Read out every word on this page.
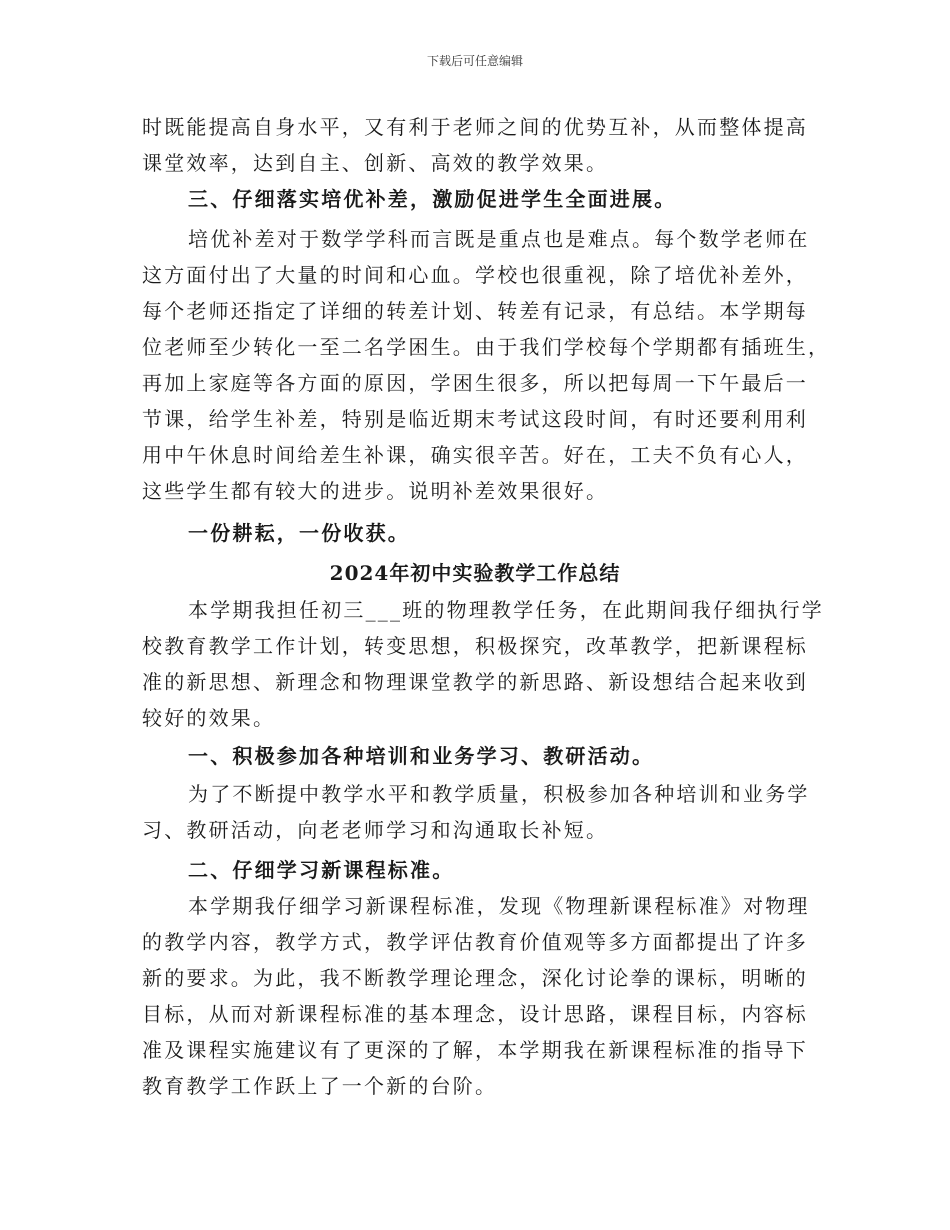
下载后可任意编辑
时既能提高自身水平，又有利于老师之间的优势互补，从而整体提高
课堂效率，达到自主、创新、高效的教学效果。
三、仔细落实培优补差，激励促进学生全面进展。
培优补差对于数学学科而言既是重点也是难点。每个数学老师在
这方面付出了大量的时间和心血。学校也很重视，除了培优补差外，
每个老师还指定了详细的转差计划、转差有记录，有总结。本学期每
位老师至少转化一至二名学困生。由于我们学校每个学期都有插班生，
再加上家庭等各方面的原因，学困生很多，所以把每周一下午最后一
节课，给学生补差，特别是临近期末考试这段时间，有时还要利用利
用中午休息时间给差生补课，确实很辛苦。好在，工夫不负有心人，
这些学生都有较大的进步。说明补差效果很好。
一份耕耘，一份收获。
2024年初中实验教学工作总结
本学期我担任初三___班的物理教学任务，在此期间我仔细执行学
校教育教学工作计划，转变思想，积极探究，改革教学，把新课程标
准的新思想、新理念和物理课堂教学的新思路、新设想结合起来收到
较好的效果。
一、积极参加各种培训和业务学习、教研活动。
为了不断提中教学水平和教学质量，积极参加各种培训和业务学
习、教研活动，向老老师学习和沟通取长补短。
二、仔细学习新课程标准。
本学期我仔细学习新课程标准，发现《物理新课程标准》对物理
的教学内容，教学方式，教学评估教育价值观等多方面都提出了许多
新的要求。为此，我不断教学理论理念，深化讨论拳的课标，明晰的
目标，从而对新课程标准的基本理念，设计思路，课程目标，内容标
准及课程实施建议有了更深的了解，本学期我在新课程标准的指导下
教育教学工作跃上了一个新的台阶。
